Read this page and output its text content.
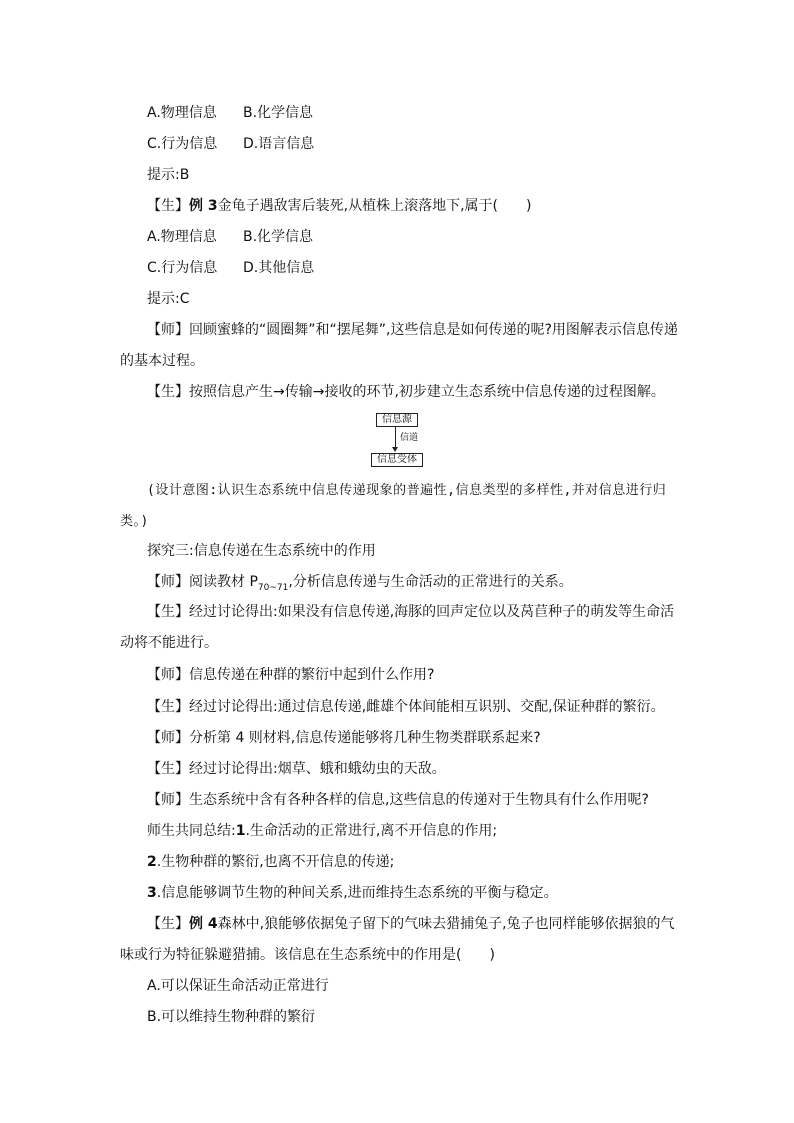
A.物理信息 B.化学信息
C.行为信息 D.语言信息
提示:B
【生】例 3金龟子遇敌害后装死,从植株上滚落地下,属于(　　)
A.物理信息 B.化学信息
C.行为信息 D.其他信息
提示:C
【师】回顾蜜蜂的“圆圈舞”和“摆尾舞”,这些信息是如何传递的呢?用图解表示信息传递的基本过程。
【生】按照信息产生→传输→接收的环节,初步建立生态系统中信息传递的过程图解。
信息源
信道
信息受体
(设计意图:认识生态系统中信息传递现象的普遍性,信息类型的多样性,并对信息进行归类。)
探究三:信息传递在生态系统中的作用
【师】阅读教材 $P_{70\sim 71}$,分析信息传递与生命活动的正常进行的关系。
【生】经过讨论得出:如果没有信息传递,海豚的回声定位以及莴苣种子的萌发等生命活动将不能进行。
【师】信息传递在种群的繁衍中起到什么作用?
【生】经过讨论得出:通过信息传递,雌雄个体间能相互识别、交配,保证种群的繁衍。
【师】分析第 4 则材料,信息传递能够将几种生物类群联系起来?
【生】经过讨论得出:烟草、蛾和蛾幼虫的天敌。
【师】生态系统中含有各种各样的信息,这些信息的传递对于生物具有什么作用呢?
师生共同总结:1.生命活动的正常进行,离不开信息的作用;
2.生物种群的繁衍,也离不开信息的传递;
3.信息能够调节生物的种间关系,进而维持生态系统的平衡与稳定。
【生】例 4森林中,狼能够依据兔子留下的气味去猎捕兔子,兔子也同样能够依据狼的气味或行为特征躲避猎捕。该信息在生态系统中的作用是(　　)
A.可以保证生命活动正常进行
B.可以维持生物种群的繁衍
